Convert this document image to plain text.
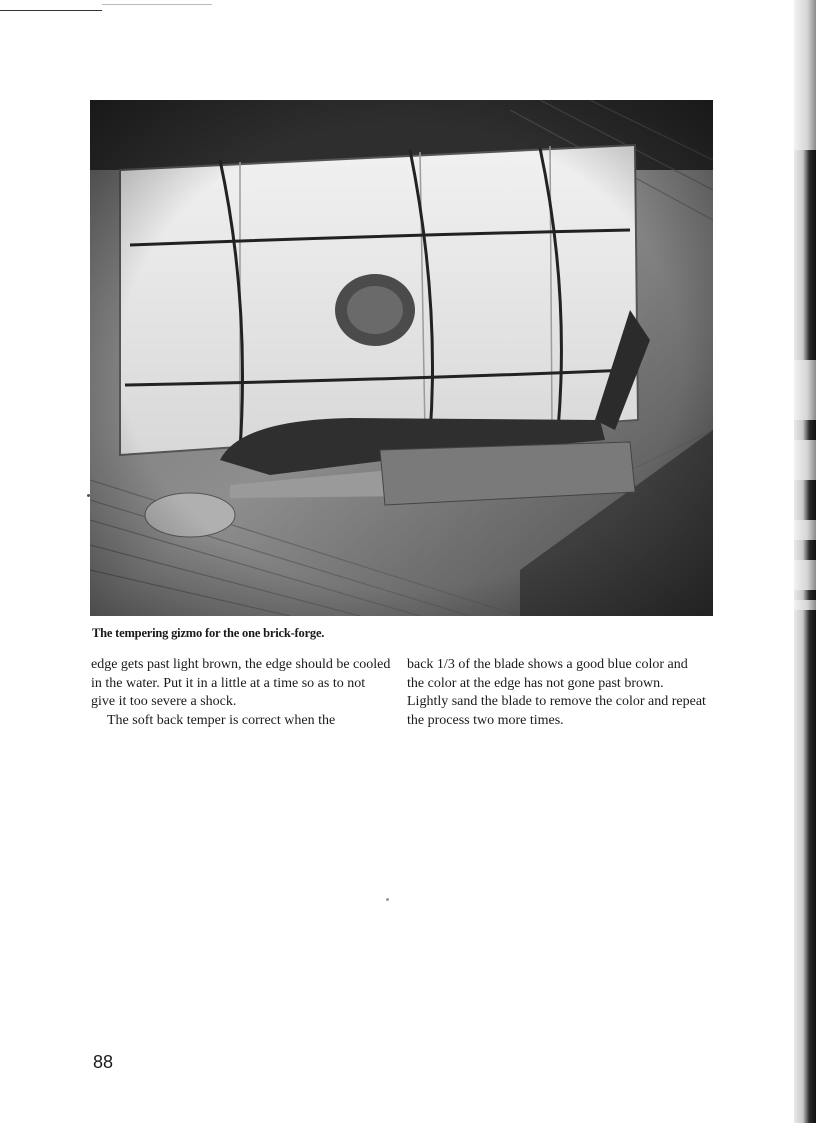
The tempering gizmo for the one brick-forge.

edge gets past light brown, the edge should be cooled in the water. Put it in a little at a time so as to not give it too severe a shock.

The soft back temper is correct when the

back 1/3 of the blade shows a good blue color and the color at the edge has not gone past brown. Lightly sand the blade to remove the color and repeat the process two more times.

88
